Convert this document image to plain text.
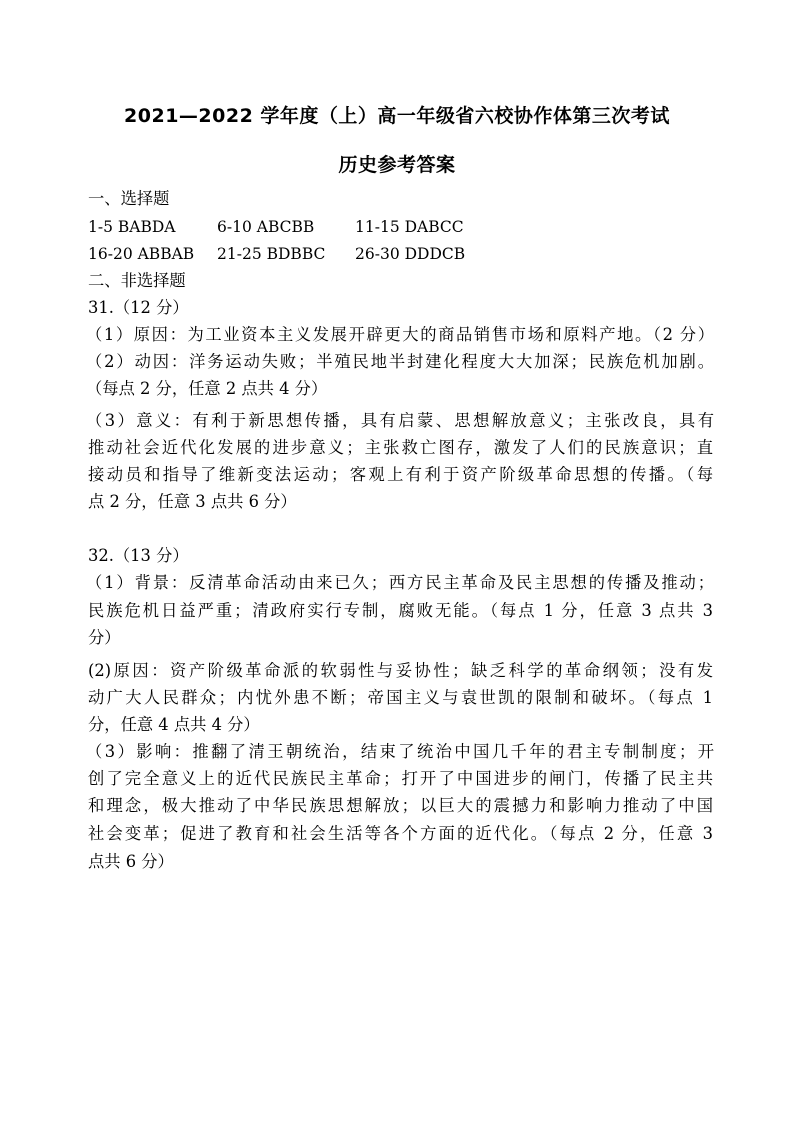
2021—2022 学年度（上）高一年级省六校协作体第三次考试
历史参考答案
一、选择题
1-5 BABDA	6-10 ABCBB	11-15 DABCC
16-20 ABBAB 21-25 BDBBC 26-30 DDDCB
二、非选择题
31.（12 分）
（1）原因：为工业资本主义发展开辟更大的商品销售市场和原料产地。（2 分）
（2）动因：洋务运动失败；半殖民地半封建化程度大大加深；民族危机加剧。
（每点 2 分，任意 2 点共 4 分）
（3）意义：有利于新思想传播，具有启蒙、思想解放意义；主张改良，具有
推动社会近代化发展的进步意义；主张救亡图存，激发了人们的民族意识；直
接动员和指导了维新变法运动；客观上有利于资产阶级革命思想的传播。（每
点 2 分，任意 3 点共 6 分）
32.（13 分）
（1）背景：反清革命活动由来已久；西方民主革命及民主思想的传播及推动；
民族危机日益严重；清政府实行专制，腐败无能。（每点 1 分，任意 3 点共 3
分）
(2)原因：资产阶级革命派的软弱性与妥协性；缺乏科学的革命纲领；没有发
动广大人民群众；内忧外患不断；帝国主义与袁世凯的限制和破坏。（每点 1
分，任意 4 点共 4 分）
（3）影响：推翻了清王朝统治，结束了统治中国几千年的君主专制制度；开
创了完全意义上的近代民族民主革命；打开了中国进步的闸门，传播了民主共
和理念，极大推动了中华民族思想解放；以巨大的震撼力和影响力推动了中国
社会变革；促进了教育和社会生活等各个方面的近代化。（每点 2 分，任意 3
点共 6 分）
